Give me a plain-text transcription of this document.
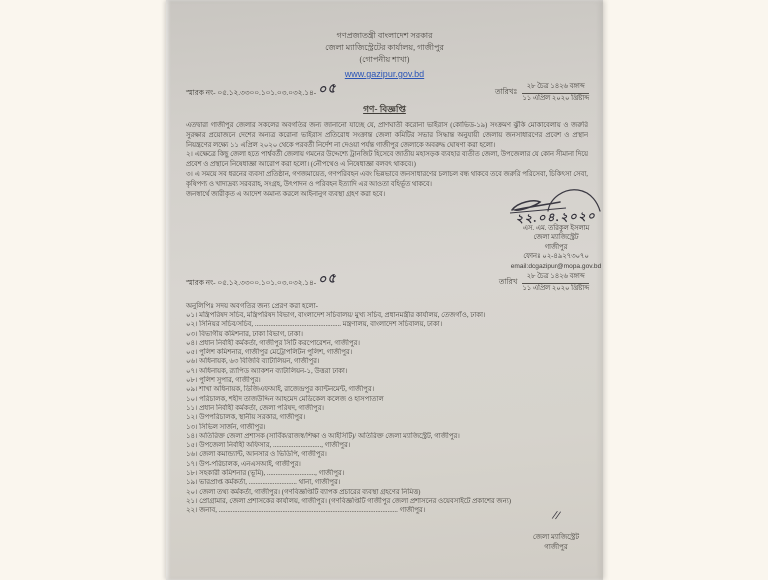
গণপ্রজাতন্ত্রী বাংলাদেশ সরকার
জেলা ম্যাজিস্ট্রেটের কার্যালয়, গাজীপুর
(গোপনীয় শাখা)
www.gazipur.gov.bd
স্মারক নং- ০৫.১২.৩৩০০.১০১.০৩.০৩২.১৪- ০৫	তারিখঃ
২৮ চৈত্র ১৪২৬ বঙ্গাব্দ
১১ এপ্রিল ২০২০ খ্রিষ্টাব্দ
গণ- বিজ্ঞপ্তি

এতদ্বারা গাজীপুর জেলার সকলের অবগতির জন্য জানানো যাচ্ছে যে, প্রাণঘাতী করোনা ভাইরাস (কোভিড-১৯) সংক্রমণ ঝুঁকি মোকাবেলায় ও জরুরি সুরক্ষার প্রয়োজনে দেশের অন্যত্র করোনা ভাইরাস প্রতিরোধ সংক্রান্ত জেলা কমিটির সভার সিদ্ধান্ত অনুযায়ী জেলায় জনসাধারণের প্রবেশ ও প্রস্থান নিয়ন্ত্রণের লক্ষ্যে ১১ এপ্রিল ২০২০ থেকে পরবর্তী নির্দেশ না দেওয়া পর্যন্ত গাজীপুর জেলাকে অবরুদ্ধ ঘোষণা করা হলো।

২। এক্ষেত্রে কিছু জেলা হতে পার্শ্ববর্তী জেলায় গমনের উদ্দেশ্যে ট্রানজিট হিসেবে জাতীয় মহাসড়ক ব্যবহার ব্যতীত জেলা, উপজেলার যে কোন সীমানা দিয়ে প্রবেশ ও প্রস্থানে নিষেধাজ্ঞা আরোপ করা হলো। (নৌপথেও এ নিষেধাজ্ঞা বলবৎ থাকবে।)

৩। এ সময়ে সব ধরনের ব্যবসা প্রতিষ্ঠান, গণজমায়েত, গণপরিবহন এবং ভিন্নভাবে জনসাধারণের চলাচল বন্ধ থাকবে তবে জরুরি পরিসেবা, চিকিৎসা সেবা, কৃষিপণ্য ও খাদ্যদ্রব্য সরবরাহ, সংগ্রহ, উৎপাদন ও পরিবহন ইত্যাদি এর আওতা বহির্ভূত থাকবে।

জনস্বার্থে জারীকৃত এ আদেশ অমান্য করলে আইনানুগ ব্যবস্থা গ্রহণ করা হবে।

২২.০৪.২০২০
এস. এম. তরিকুল ইসলাম
জেলা ম্যাজিস্ট্রেট
গাজীপুর
ফোনঃ ০২-৪৯২৭৩০৭০
email:dcgazipur@mopa.gov.bd
স্মারক নং- ০৫.১২.৩৩০০.১০১.০৩.০৩২.১৪- ০৫	তারিখ
২৮ চৈত্র ১৪২৬ বঙ্গাব্দ
১১ এপ্রিল ২০২০ খ্রিষ্টাব্দ
অনুলিপিঃ সদয় অবগতির জন্য প্রেরণ করা হলো-
০১। মন্ত্রিপরিষদ সচিব, মন্ত্রিপরিষদ বিভাগ, বাংলাদেশ সচিবালয়/ মুখ্য সচিব, প্রধানমন্ত্রীর কার্যালয়, তেজগাঁও, ঢাকা।
০২। সিনিয়র সচিব/সচিব, .................................................. মন্ত্রণালয়, বাংলাদেশ সচিবালয়, ঢাকা।
০৩। বিভাগীয় কমিশনার, ঢাকা বিভাগ, ঢাকা।
০৪। প্রধান নির্বাহী কর্মকর্তা, গাজীপুর সিটি করপোরেশন, গাজীপুর।
০৫। পুলিশ কমিশনার, গাজীপুর মেট্রোপলিটন পুলিশ, গাজীপুর।
০৬। অধিনায়ক, ৬৩ বিজিবি ব্যাটালিয়ন, গাজীপুর।
০৭। অধিনায়ক, র‍্যাপিড অ্যাকশন ব্যাটালিয়ন-১, উত্তরা ঢাকা।
০৮। পুলিশ সুপার, গাজীপুর।
০৯। শাখা অধিনায়ক, ডিজিএফআই, রাজেন্দ্রপুর ক্যান্টনমেন্ট, গাজীপুর।
১০। পরিচালক, শহীদ তাজউদ্দিন আহমেদ মেডিকেল কলেজ ও হাসপাতাল
১১। প্রধান নির্বাহী কর্মকর্তা, জেলা পরিষদ, গাজীপুর।
১২। উপপরিচালক, স্থানীয় সরকার, গাজীপুর।
১৩। সিভিল সার্জন, গাজীপুর।
১৪। অতিরিক্ত জেলা প্রশাসক (সার্বিক/রাজস্ব/শিক্ষা ও আইসিটি)/ অতিরিক্ত জেলা ম্যাজিস্ট্রেট, গাজীপুর।
১৫। উপজেলা নির্বাহী অফিসার, ............................, গাজীপুর।
১৬। জেলা কমান্ড্যান্ট, আনসার ও ভিডিপি, গাজীপুর।
১৭। উপ-পরিচালক, এনএসআই, গাজীপুর।
১৮। সহকারী কমিশনার (ভূমি), ............................, গাজীপুর।
১৯। ভারপ্রাপ্ত কর্মকর্তা, ............................ থানা, গাজীপুর।
২০। জেলা তথ্য কর্মকর্তা, গাজীপুর। (গণবিজ্ঞপ্তিটি ব্যাপক প্রচারের ব্যবস্থা গ্রহণের নিমিত্ত)
২১। প্রোগ্রামার, জেলা প্রশাসকের কার্যালয়, গাজীপুর। (গণবিজ্ঞপ্তিটি গাজীপুর জেলা প্রশাসনের ওয়েবসাইটে প্রকাশের জন্য)
২২। জনাব, ........................................................................................................ গাজীপুর।	//
জেলা ম্যাজিস্ট্রেট
গাজীপুর
